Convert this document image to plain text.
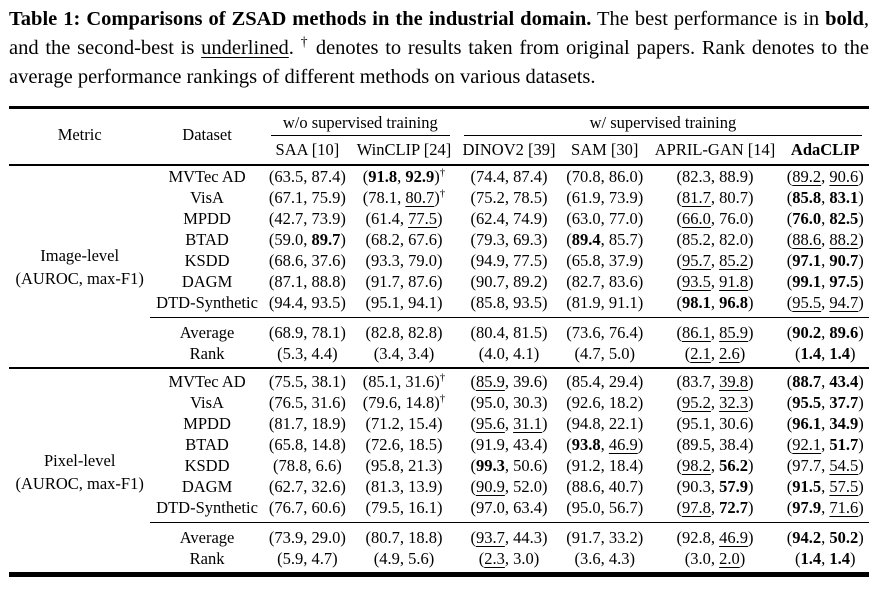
Table 1: Comparisons of ZSAD methods in the industrial domain. The best performance is in bold, and the second-best is underlined. † denotes to results taken from original papers. Rank denotes to the average performance rankings of different methods on various datasets.

Metric	Dataset	w/o supervised training		w/ supervised training			

		SAA [10]	WinCLIP [24]	DINOV2 [39]	SAM [30]	APRIL-GAN [14]	AdaCLIP

Image-level
(AUROC, max-F1)	MVTec AD	(63.5, 87.4)	(91.8, 92.9)†	(74.4, 87.4)	(70.8, 86.0)	(82.3, 88.9)	(89.2, 90.6)
	VisA	(67.1, 75.9)	(78.1, 80.7)†	(75.2, 78.5)	(61.9, 73.9)	(81.7, 80.7)	(85.8, 83.1)
	MPDD	(42.7, 73.9)	(61.4, 77.5)	(62.4, 74.9)	(63.0, 77.0)	(66.0, 76.0)	(76.0, 82.5)
	BTAD	(59.0, 89.7)	(68.2, 67.6)	(79.3, 69.3)	(89.4, 85.7)	(85.2, 82.0)	(88.6, 88.2)
	KSDD	(68.6, 37.6)	(93.3, 79.0)	(94.9, 77.5)	(65.8, 37.9)	(95.7, 85.2)	(97.1, 90.7)
	DAGM	(87.1, 88.8)	(91.7, 87.6)	(90.7, 89.2)	(82.7, 83.6)	(93.5, 91.8)	(99.1, 97.5)
	DTD-Synthetic	(94.4, 93.5)	(95.1, 94.1)	(85.8, 93.5)	(81.9, 91.1)	(98.1, 96.8)	(95.5, 94.7)
	Average	(68.9, 78.1)	(82.8, 82.8)	(80.4, 81.5)	(73.6, 76.4)	(86.1, 85.9)	(90.2, 89.6)
	Rank	(5.3, 4.4)	(3.4, 3.4)	(4.0, 4.1)	(4.7, 5.0)	(2.1, 2.6)	(1.4, 1.4)

Pixel-level
(AUROC, max-F1)	MVTec AD	(75.5, 38.1)	(85.1, 31.6)†	(85.9, 39.6)	(85.4, 29.4)	(83.7, 39.8)	(88.7, 43.4)
	VisA	(76.5, 31.6)	(79.6, 14.8)†	(95.0, 30.3)	(92.6, 18.2)	(95.2, 32.3)	(95.5, 37.7)
	MPDD	(81.7, 18.9)	(71.2, 15.4)	(95.6, 31.1)	(94.8, 22.1)	(95.1, 30.6)	(96.1, 34.9)
	BTAD	(65.8, 14.8)	(72.6, 18.5)	(91.9, 43.4)	(93.8, 46.9)	(89.5, 38.4)	(92.1, 51.7)
	KSDD	(78.8, 6.6)	(95.8, 21.3)	(99.3, 50.6)	(91.2, 18.4)	(98.2, 56.2)	(97.7, 54.5)
	DAGM	(62.7, 32.6)	(81.3, 13.9)	(90.9, 52.0)	(88.6, 40.7)	(90.3, 57.9)	(91.5, 57.5)
	DTD-Synthetic	(76.7, 60.6)	(79.5, 16.1)	(97.0, 63.4)	(95.0, 56.7)	(97.8, 72.7)	(97.9, 71.6)
	Average	(73.9, 29.0)	(80.7, 18.8)	(93.7, 44.3)	(91.7, 33.2)	(92.8, 46.9)	(94.2, 50.2)
	Rank	(5.9, 4.7)	(4.9, 5.6)	(2.3, 3.0)	(3.6, 4.3)	(3.0, 2.0)	(1.4, 1.4)
